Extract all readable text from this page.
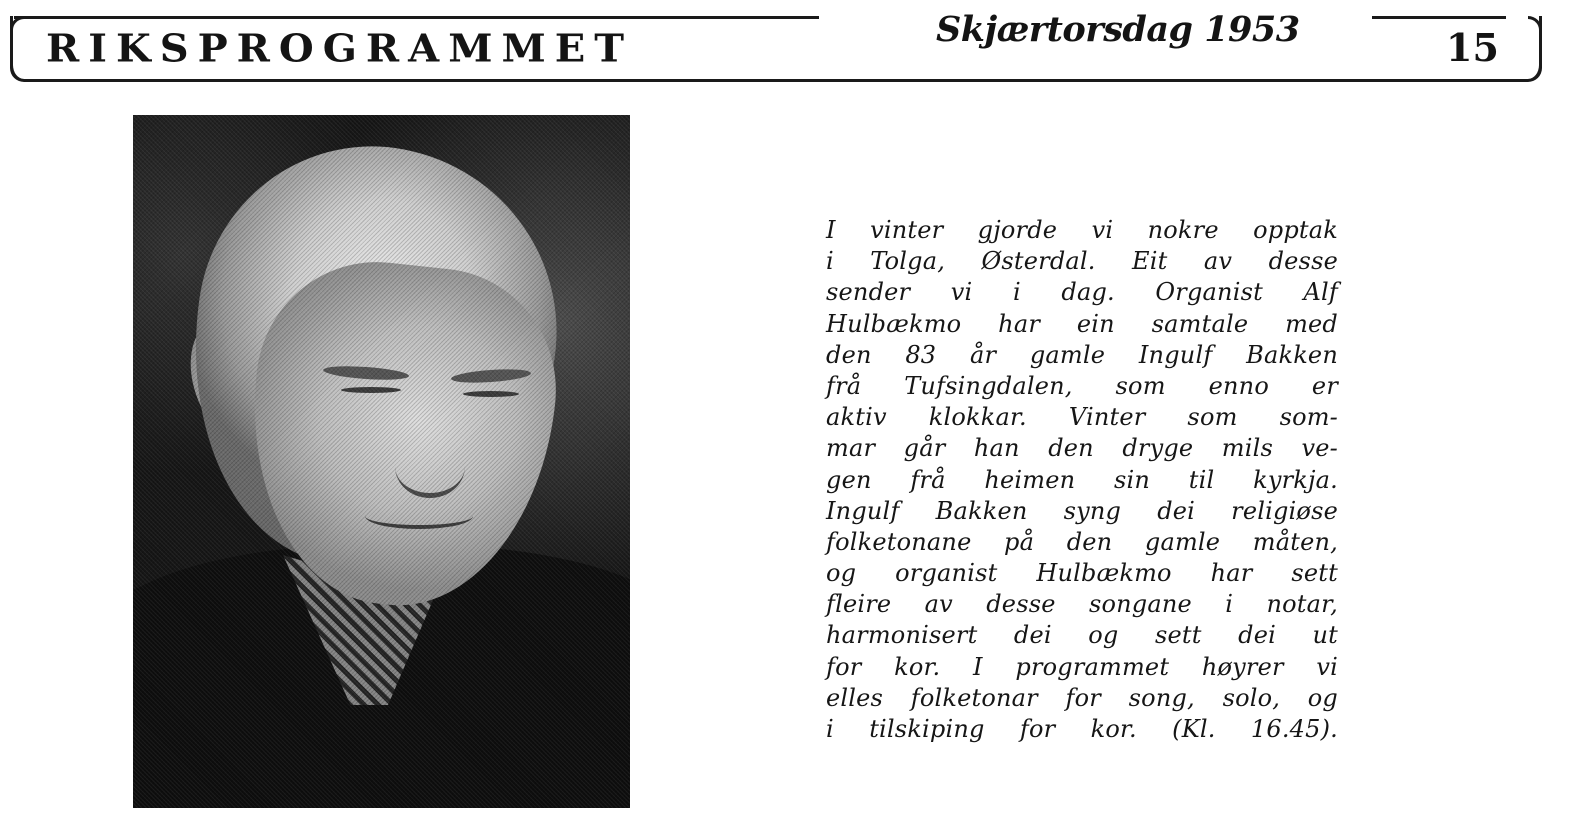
RIKSPROGRAMMET	Skjærtorsdag 1953	15
I vinter gjorde vi nokre opptak
i Tolga, Østerdal. Eit av desse
sender vi i dag. Organist Alf
Hulbækmo har ein samtale med
den 83 år gamle Ingulf Bakken
frå Tufsingdalen, som enno er
aktiv klokkar. Vinter som som-
mar går han den dryge mils ve-
gen frå heimen sin til kyrkja.
Ingulf Bakken syng dei religiøse
folketonane på den gamle måten,
og organist Hulbækmo har sett
fleire av desse songane i notar,
harmonisert dei og sett dei ut
for kor. I programmet høyrer vi
elles folketonar for song, solo, og
i tilskiping for kor. (Kl. 16.45).
